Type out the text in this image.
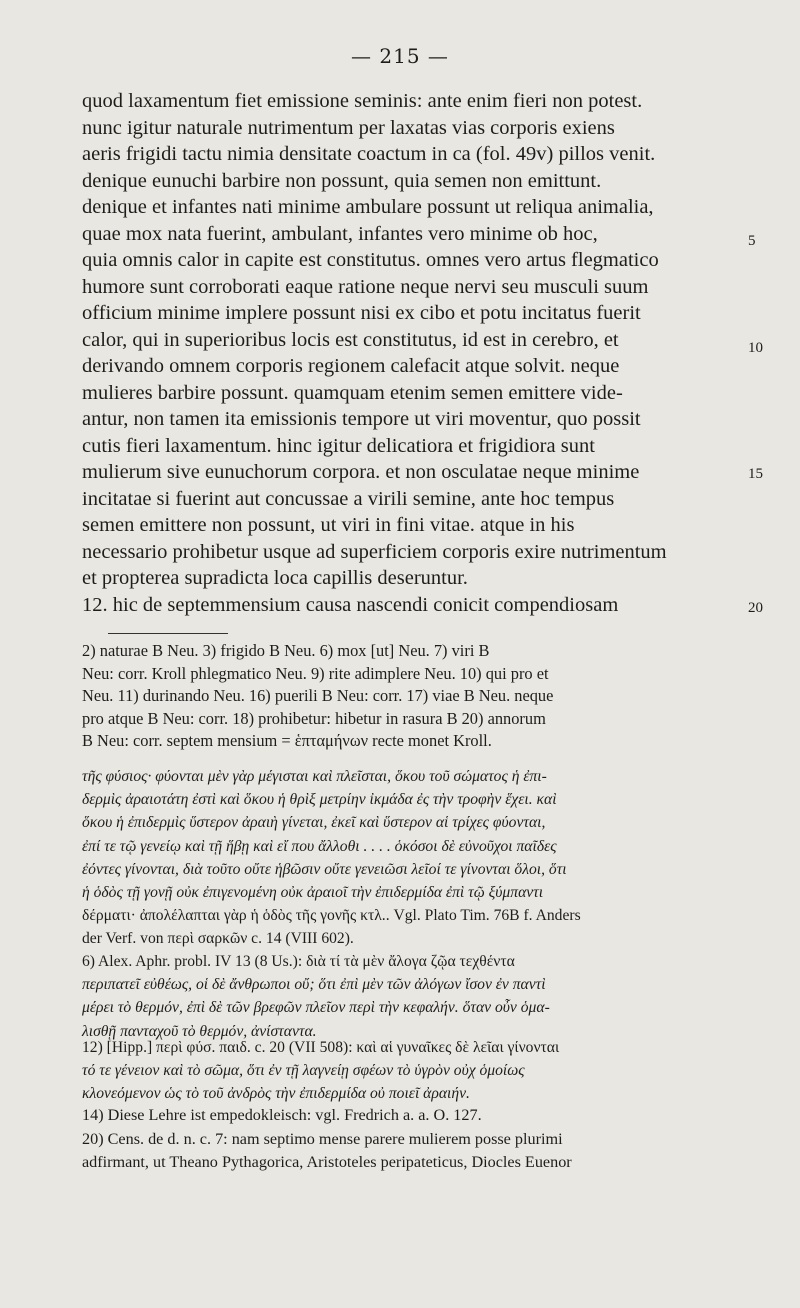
— 215 —
quod laxamentum fiet emissione seminis: ante enim fieri non potest.
nunc igitur naturale nutrimentum per laxatas vias corporis exiens
aeris frigidi tactu nimia densitate coactum in ca (fol. 49v) pillos venit.
denique eunuchi barbire non possunt, quia semen non emittunt.
denique et infantes nati minime ambulare possunt ut reliqua animalia,
quae mox nata fuerint, ambulant, infantes vero minime ob hoc,
quia omnis calor in capite est constitutus. omnes vero artus flegmatico
humore sunt corroborati eaque ratione neque nervi seu musculi suum
officium minime implere possunt nisi ex cibo et potu incitatus fuerit
calor, qui in superioribus locis est constitutus, id est in cerebro, et
derivando omnem corporis regionem calefacit atque solvit. neque
mulieres barbire possunt. quamquam etenim semen emittere vide-
antur, non tamen ita emissionis tempore ut viri moventur, quo possit
cutis fieri laxamentum. hinc igitur delicatiora et frigidiora sunt
mulierum sive eunuchorum corpora. et non osculatae neque minime
incitatae si fuerint aut concussae a virili semine, ante hoc tempus
semen emittere non possunt, ut viri in fini vitae. atque in his
necessario prohibetur usque ad superficiem corporis exire nutrimentum
et propterea supradicta loca capillis deseruntur.
12. hic de septemmensium causa nascendi conicit compendiosam
5
10
15
20
2) naturae B Neu. 3) frigido B Neu. 6) mox [ut] Neu. 7) viri B
Neu: corr. Kroll phlegmatico Neu. 9) rite adimplere Neu. 10) qui pro et
Neu. 11) durinando Neu. 16) puerili B Neu: corr. 17) viae B Neu. neque
pro atque B Neu: corr. 18) prohibetur: hibetur in rasura B 20) annorum
B Neu: corr. septem mensium = ἑπταμήνων recte monet Kroll.
τῆς φύσιος· φύονται μὲν γὰρ μέγισται καὶ πλεῖσται, ὅκου τοῦ σώματος ἡ ἐπι-
δερμὶς ἀραιοτάτη ἐστὶ καὶ ὅκου ἡ θρὶξ μετρίην ἰκμάδα ἐς τὴν τροφὴν ἕχει. καὶ
ὅκου ἡ ἐπιδερμὶς ὕστερον ἀραιὴ γίνεται, ἐκεῖ καὶ ὕστερον αἱ τρίχες φύονται,
ἐπί τε τῷ γενείῳ καὶ τῇ ἥβῃ καὶ εἴ που ἄλλοθι . . . . ὁκόσοι δὲ εὐνοῦχοι παῖδες
ἐόντες γίνονται, διὰ τοῦτο οὔτε ἡβῶσιν οὔτε γενειῶσι λεῖοί τε γίνονται ὅλοι, ὅτι
ἡ ὁδὸς τῇ γονῇ οὐκ ἐπιγενομένη οὐκ ἀραιοῖ τὴν ἐπιδερμίδα ἐπὶ τῷ ξύμπαντι
δέρματι· ἀπολέλαπται γὰρ ἡ ὁδὸς τῆς γονῆς κτλ.. Vgl. Plato Tim. 76B f. Anders
der Verf. von περὶ σαρκῶν c. 14 (VIII 602).
6) Alex. Aphr. probl. IV 13 (8 Us.): διὰ τί τὰ μὲν ἄλογα ζῷα τεχθέντα
περιπατεῖ εὐθέως, οἱ δὲ ἄνθρωποι οὔ; ὅτι ἐπὶ μὲν τῶν ἀλόγων ἴσον ἐν παντὶ
μέρει τὸ θερμόν, ἐπὶ δὲ τῶν βρεφῶν πλεῖον περὶ τὴν κεφαλήν. ὅταν οὖν ὁμα-
λισθῇ πανταχοῦ τὸ θερμόν, ἀνίσταντα.
12) [Hipp.] περὶ φύσ. παιδ. c. 20 (VII 508): καὶ αἱ γυναῖκες δὲ λεῖαι γίνονται
τό τε γένειον καὶ τὸ σῶμα, ὅτι ἐν τῇ λαγνείῃ σφέων τὸ ὑγρὸν οὐχ ὁμοίως
κλονεόμενον ὡς τὸ τοῦ ἀνδρὸς τὴν ἐπιδερμίδα οὐ ποιεῖ ἀραιήν.
14) Diese Lehre ist empedokleisch: vgl. Fredrich a. a. O. 127.
20) Cens. de d. n. c. 7: nam septimo mense parere mulierem posse plurimi
adfirmant, ut Theano Pythagorica, Aristoteles peripateticus, Diocles Euenor
